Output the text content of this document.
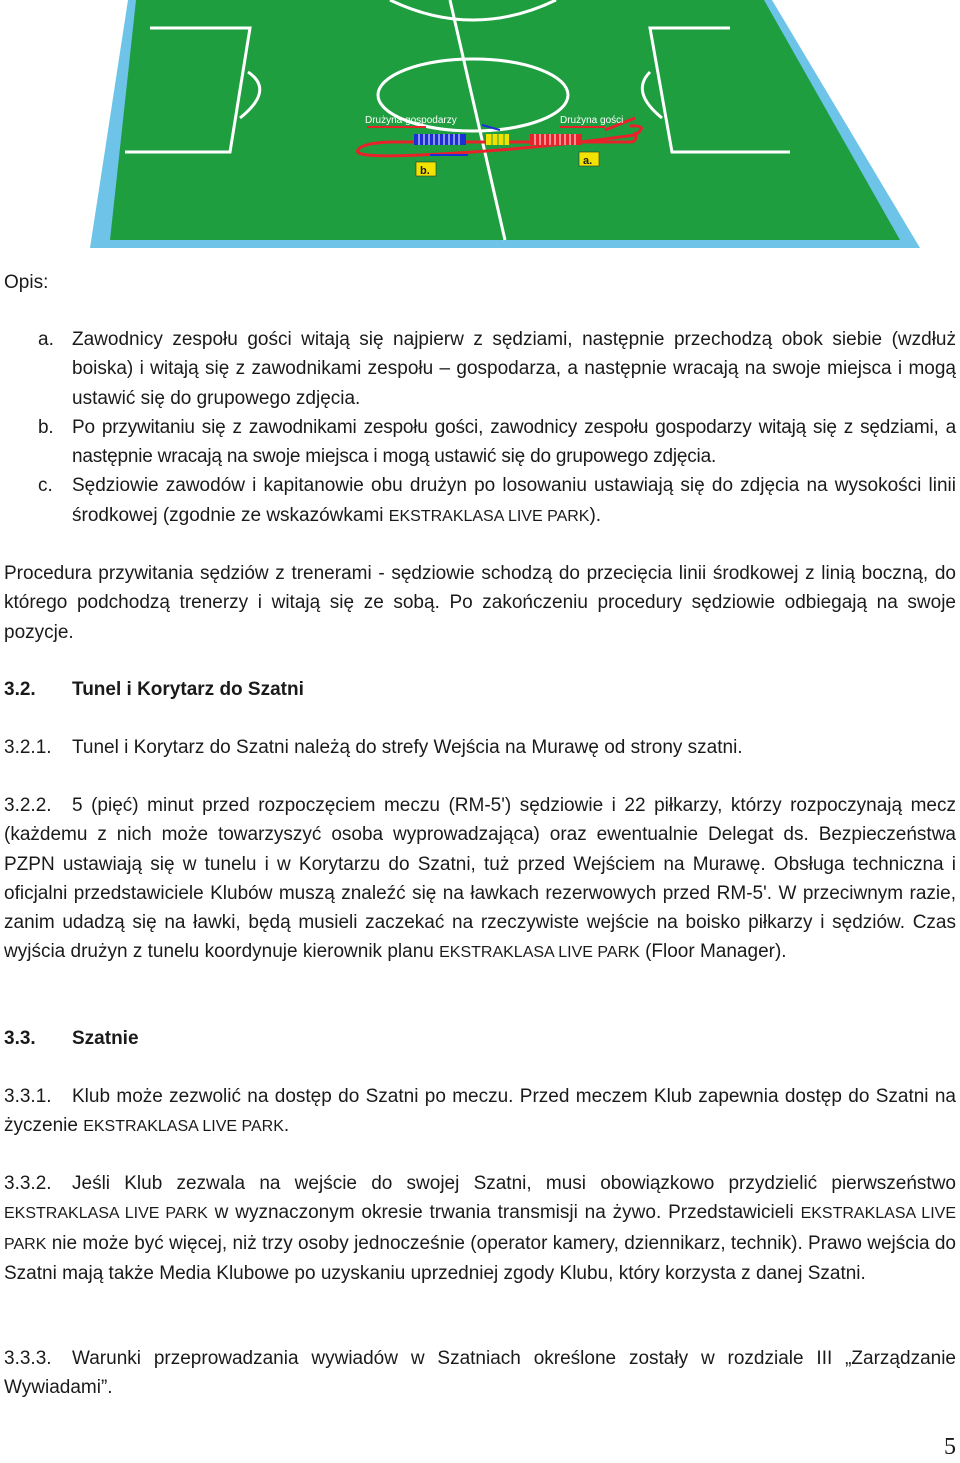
Drużyna gospodarzy	Drużyna gości
b.
a.
Opis:
a. Zawodnicy zespołu gości witają się najpierw z sędziami, następnie przechodzą obok siebie (wzdłuż boiska) i witają się z zawodnikami zespołu – gospodarza, a następnie wracają na swoje miejsca i mogą ustawić się do grupowego zdjęcia.
b. Po przywitaniu się z zawodnikami zespołu gości, zawodnicy zespołu gospodarzy witają się z sędziami, a następnie wracają na swoje miejsca i mogą ustawić się do grupowego zdjęcia.
c. Sędziowie zawodów i kapitanowie obu drużyn po losowaniu ustawiają się do zdjęcia na wysokości linii środkowej (zgodnie ze wskazówkami EKSTRAKLASA LIVE PARK).
Procedura przywitania sędziów z trenerami - sędziowie schodzą do przecięcia linii środkowej z linią boczną, do którego podchodzą trenerzy i witają się ze sobą. Po zakończeniu procedury sędziowie odbiegają na swoje pozycje.
3.2. Tunel i Korytarz do Szatni
3.2.1. Tunel i Korytarz do Szatni należą do strefy Wejścia na Murawę od strony szatni.
3.2.2. 5 (pięć) minut przed rozpoczęciem meczu (RM-5') sędziowie i 22 piłkarzy, którzy rozpoczynają mecz (każdemu z nich może towarzyszyć osoba wyprowadzająca) oraz ewentualnie Delegat ds. Bezpieczeństwa PZPN ustawiają się w tunelu i w Korytarzu do Szatni, tuż przed Wejściem na Murawę. Obsługa techniczna i oficjalni przedstawiciele Klubów muszą znaleźć się na ławkach rezerwowych przed RM-5'. W przeciwnym razie, zanim udadzą się na ławki, będą musieli zaczekać na rzeczywiste wejście na boisko piłkarzy i sędziów. Czas wyjścia drużyn z tunelu koordynuje kierownik planu EKSTRAKLASA LIVE PARK (Floor Manager).
3.3. Szatnie
3.3.1. Klub może zezwolić na dostęp do Szatni po meczu. Przed meczem Klub zapewnia dostęp do Szatni na życzenie EKSTRAKLASA LIVE PARK.
3.3.2. Jeśli Klub zezwala na wejście do swojej Szatni, musi obowiązkowo przydzielić pierwszeństwo EKSTRAKLASA LIVE PARK w wyznaczonym okresie trwania transmisji na żywo. Przedstawicieli EKSTRAKLASA LIVE PARK nie może być więcej, niż trzy osoby jednocześnie (operator kamery, dziennikarz, technik). Prawo wejścia do Szatni mają także Media Klubowe po uzyskaniu uprzedniej zgody Klubu, który korzysta z danej Szatni.
3.3.3. Warunki przeprowadzania wywiadów w Szatniach określone zostały w rozdziale III „Zarządzanie Wywiadami”.
5
